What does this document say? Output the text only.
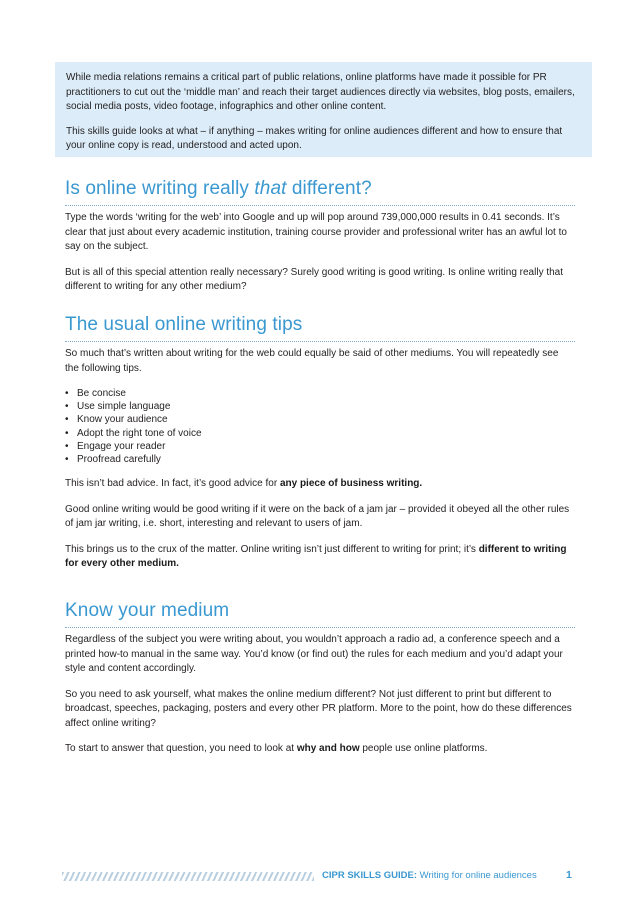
While media relations remains a critical part of public relations, online platforms have made it possible for PR practitioners to cut out the ‘middle man’ and reach their target audiences directly via websites, blog posts, emailers, social media posts, video footage, infographics and other online content.

This skills guide looks at what – if anything – makes writing for online audiences different and how to ensure that your online copy is read, understood and acted upon.

Is online writing really that different?

Type the words ‘writing for the web’ into Google and up will pop around 739,000,000 results in 0.41 seconds. It’s clear that just about every academic institution, training course provider and professional writer has an awful lot to say on the subject.

But is all of this special attention really necessary? Surely good writing is good writing. Is online writing really that different to writing for any other medium?

The usual online writing tips

So much that’s written about writing for the web could equally be said of other mediums. You will repeatedly see the following tips.

• Be concise
• Use simple language
• Know your audience
• Adopt the right tone of voice
• Engage your reader
• Proofread carefully

This isn’t bad advice. In fact, it’s good advice for any piece of business writing.

Good online writing would be good writing if it were on the back of a jam jar – provided it obeyed all the other rules of jam jar writing, i.e. short, interesting and relevant to users of jam.

This brings us to the crux of the matter. Online writing isn’t just different to writing for print; it’s different to writing for every other medium.

Know your medium

Regardless of the subject you were writing about, you wouldn’t approach a radio ad, a conference speech and a printed how-to manual in the same way. You’d know (or find out) the rules for each medium and you’d adapt your style and content accordingly.

So you need to ask yourself, what makes the online medium different? Not just different to print but different to broadcast, speeches, packaging, posters and every other PR platform. More to the point, how do these differences affect online writing?

To start to answer that question, you need to look at why and how people use online platforms.

CIPR SKILLS GUIDE: Writing for online audiences	1
